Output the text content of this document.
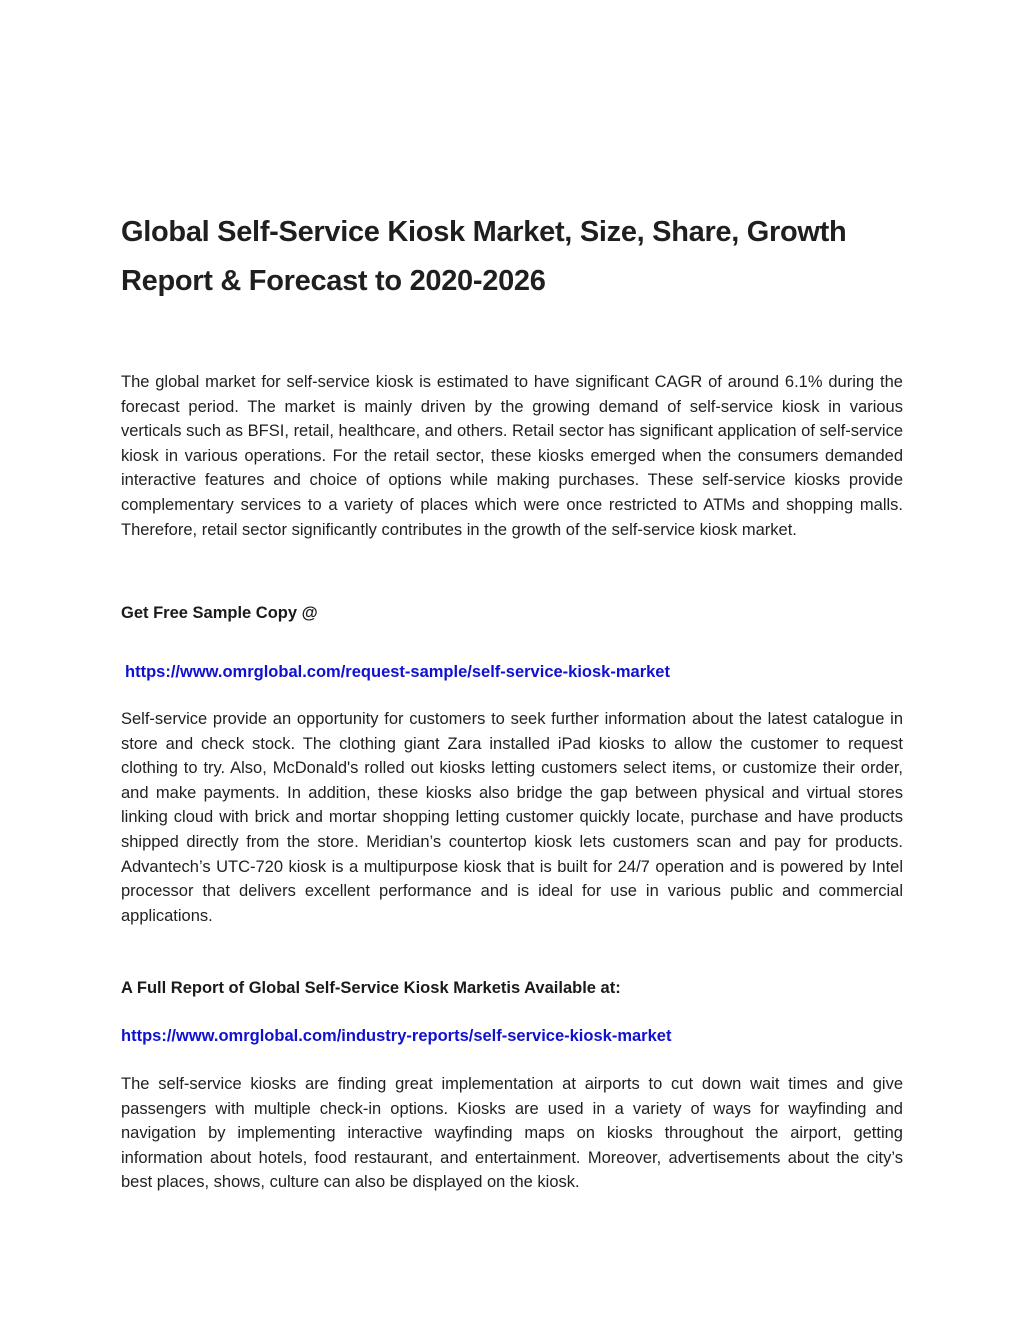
Global Self-Service Kiosk Market, Size, Share, Growth Report & Forecast to 2020-2026

The global market for self-service kiosk is estimated to have significant CAGR of around 6.1% during the forecast period. The market is mainly driven by the growing demand of self-service kiosk in various verticals such as BFSI, retail, healthcare, and others. Retail sector has significant application of self-service kiosk in various operations. For the retail sector, these kiosks emerged when the consumers demanded interactive features and choice of options while making purchases. These self-service kiosks provide complementary services to a variety of places which were once restricted to ATMs and shopping malls. Therefore, retail sector significantly contributes in the growth of the self-service kiosk market.

Get Free Sample Copy @

https://www.omrglobal.com/request-sample/self-service-kiosk-market

Self-service provide an opportunity for customers to seek further information about the latest catalogue in store and check stock. The clothing giant Zara installed iPad kiosks to allow the customer to request clothing to try. Also, McDonald's rolled out kiosks letting customers select items, or customize their order, and make payments. In addition, these kiosks also bridge the gap between physical and virtual stores linking cloud with brick and mortar shopping letting customer quickly locate, purchase and have products shipped directly from the store. Meridian’s countertop kiosk lets customers scan and pay for products. Advantech’s UTC-720 kiosk is a multipurpose kiosk that is built for 24/7 operation and is powered by Intel processor that delivers excellent performance and is ideal for use in various public and commercial applications.

A Full Report of Global Self-Service Kiosk Marketis Available at:

https://www.omrglobal.com/industry-reports/self-service-kiosk-market

The self-service kiosks are finding great implementation at airports to cut down wait times and give passengers with multiple check-in options. Kiosks are used in a variety of ways for wayfinding and navigation by implementing interactive wayfinding maps on kiosks throughout the airport, getting information about hotels, food restaurant, and entertainment. Moreover, advertisements about the city’s best places, shows, culture can also be displayed on the kiosk.
